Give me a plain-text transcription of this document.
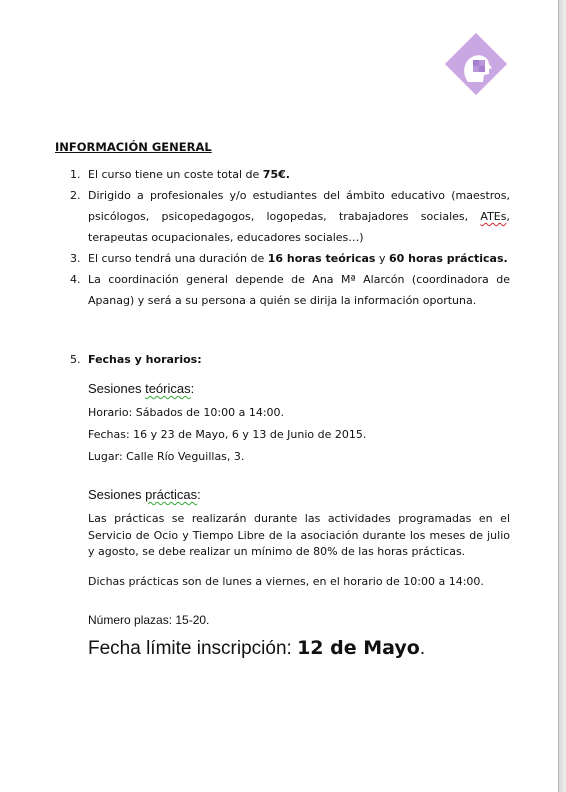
INFORMACIÓN GENERAL
1. El curso tiene un coste total de 75€.

2. Dirigido a profesionales y/o estudiantes del ámbito educativo (maestros, psicólogos, psicopedagogos, logopedas, trabajadores sociales, ATEs, terapeutas ocupacionales, educadores sociales…)

3. El curso tendrá una duración de 16 horas teóricas y 60 horas prácticas.

4. La coordinación general depende de Ana Mª Alarcón (coordinadora de Apanag) y será a su persona a quién se dirija la información oportuna.

5. Fechas y horarios:
Sesiones teóricas:
Horario: Sábados de 10:00 a 14:00.
Fechas: 16 y 23 de Mayo, 6 y 13 de Junio de 2015.
Lugar: Calle Río Veguillas, 3.
Sesiones prácticas:
Las prácticas se realizarán durante las actividades programadas en el Servicio de Ocio y Tiempo Libre de la asociación durante los meses de julio y agosto, se debe realizar un mínimo de 80% de las horas prácticas.
Dichas prácticas son de lunes a viernes, en el horario de 10:00 a 14:00.
Número plazas: 15-20.
Fecha límite inscripción: 12 de Mayo.
